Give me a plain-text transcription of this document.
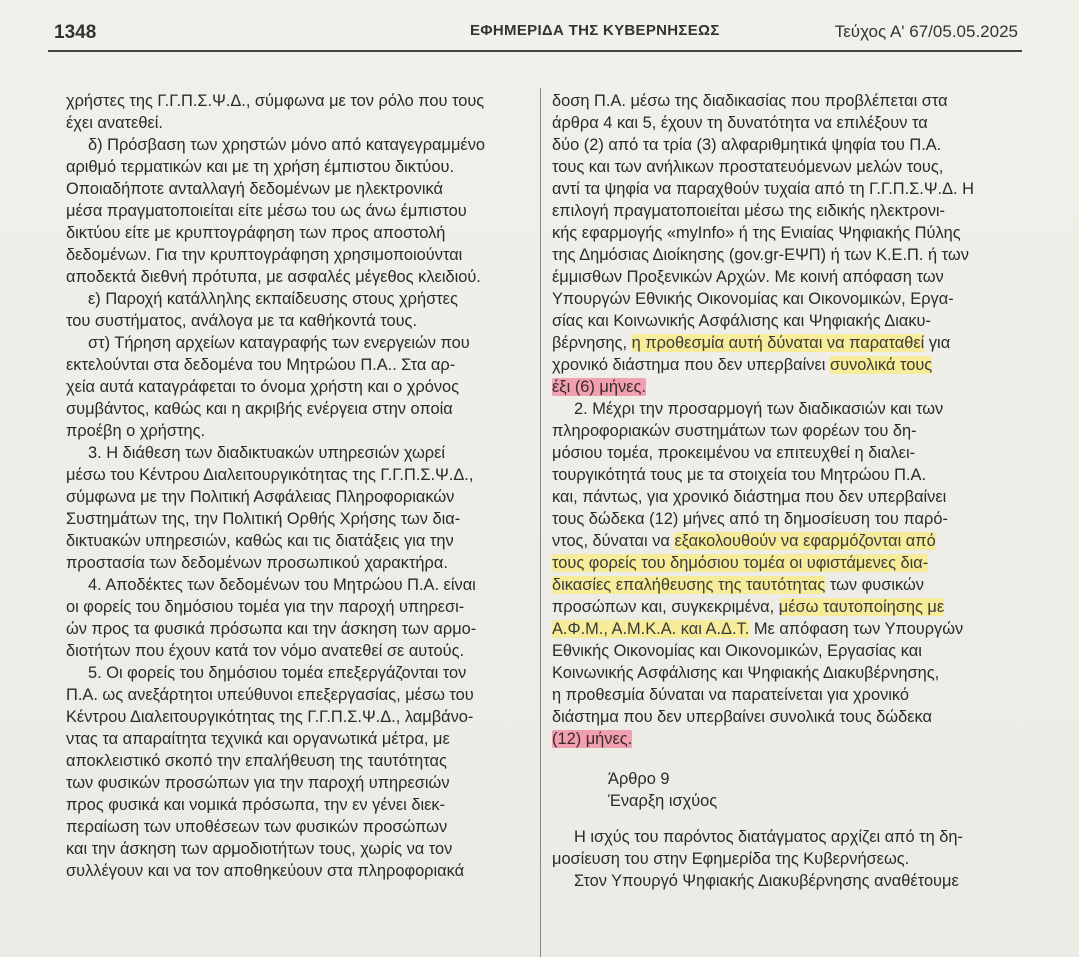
1348	ΕΦΗΜΕΡΙΔΑ ΤΗΣ ΚΥΒΕΡΝΗΣΕΩΣ	Τεύχος Α' 67/05.05.2025
χρήστες της Γ.Γ.Π.Σ.Ψ.Δ., σύμφωνα με τον ρόλο που τους
έχει ανατεθεί.
δ) Πρόσβαση των χρηστών μόνο από καταγεγραμμένο
αριθμό τερματικών και με τη χρήση έμπιστου δικτύου.
Οποιαδήποτε ανταλλαγή δεδομένων με ηλεκτρονικά
μέσα πραγματοποιείται είτε μέσω του ως άνω έμπιστου
δικτύου είτε με κρυπτογράφηση των προς αποστολή
δεδομένων. Για την κρυπτογράφηση χρησιμοποιούνται
αποδεκτά διεθνή πρότυπα, με ασφαλές μέγεθος κλειδιού.
ε) Παροχή κατάλληλης εκπαίδευσης στους χρήστες
του συστήματος, ανάλογα με τα καθήκοντά τους.
στ) Τήρηση αρχείων καταγραφής των ενεργειών που
εκτελούνται στα δεδομένα του Μητρώου Π.Α.. Στα αρ-
χεία αυτά καταγράφεται το όνομα χρήστη και ο χρόνος
συμβάντος, καθώς και η ακριβής ενέργεια στην οποία
προέβη ο χρήστης.
3. Η διάθεση των διαδικτυακών υπηρεσιών χωρεί
μέσω του Κέντρου Διαλειτουργικότητας της Γ.Γ.Π.Σ.Ψ.Δ.,
σύμφωνα με την Πολιτική Ασφάλειας Πληροφοριακών
Συστημάτων της, την Πολιτική Ορθής Χρήσης των δια-
δικτυακών υπηρεσιών, καθώς και τις διατάξεις για την
προστασία των δεδομένων προσωπικού χαρακτήρα.
4. Αποδέκτες των δεδομένων του Μητρώου Π.Α. είναι
οι φορείς του δημόσιου τομέα για την παροχή υπηρεσι-
ών προς τα φυσικά πρόσωπα και την άσκηση των αρμο-
διοτήτων που έχουν κατά τον νόμο ανατεθεί σε αυτούς.
5. Οι φορείς του δημόσιου τομέα επεξεργάζονται τον
Π.Α. ως ανεξάρτητοι υπεύθυνοι επεξεργασίας, μέσω του
Κέντρου Διαλειτουργικότητας της Γ.Γ.Π.Σ.Ψ.Δ., λαμβάνο-
ντας τα απαραίτητα τεχνικά και οργανωτικά μέτρα, με
αποκλειστικό σκοπό την επαλήθευση της ταυτότητας
των φυσικών προσώπων για την παροχή υπηρεσιών
προς φυσικά και νομικά πρόσωπα, την εν γένει διεκ-
περαίωση των υποθέσεων των φυσικών προσώπων
και την άσκηση των αρμοδιοτήτων τους, χωρίς να τον
συλλέγουν και να τον αποθηκεύουν στα πληροφοριακά
δοση Π.Α. μέσω της διαδικασίας που προβλέπεται στα
άρθρα 4 και 5, έχουν τη δυνατότητα να επιλέξουν τα
δύο (2) από τα τρία (3) αλφαριθμητικά ψηφία του Π.Α.
τους και των ανήλικων προστατευόμενων μελών τους,
αντί τα ψηφία να παραχθούν τυχαία από τη Γ.Γ.Π.Σ.Ψ.Δ. Η
επιλογή πραγματοποιείται μέσω της ειδικής ηλεκτρονι-
κής εφαρμογής «myInfo» ή της Ενιαίας Ψηφιακής Πύλης
της Δημόσιας Διοίκησης (gov.gr-ΕΨΠ) ή των Κ.Ε.Π. ή των
έμμισθων Προξενικών Αρχών. Με κοινή απόφαση των
Υπουργών Εθνικής Οικονομίας και Οικονομικών, Εργα-
σίας και Κοινωνικής Ασφάλισης και Ψηφιακής Διακυ-
βέρνησης, η προθεσμία αυτή δύναται να παραταθεί για
χρονικό διάστημα που δεν υπερβαίνει συνολικά τους
έξι (6) μήνες.
2. Μέχρι την προσαρμογή των διαδικασιών και των
πληροφοριακών συστημάτων των φορέων του δη-
μόσιου τομέα, προκειμένου να επιτευχθεί η διαλει-
τουργικότητά τους με τα στοιχεία του Μητρώου Π.Α.
και, πάντως, για χρονικό διάστημα που δεν υπερβαίνει
τους δώδεκα (12) μήνες από τη δημοσίευση του παρό-
ντος, δύναται να εξακολουθούν να εφαρμόζονται από
τους φορείς του δημόσιου τομέα οι υφιστάμενες δια-
δικασίες επαλήθευσης της ταυτότητας των φυσικών
προσώπων και, συγκεκριμένα, μέσω ταυτοποίησης με
Α.Φ.Μ., Α.Μ.Κ.Α. και Α.Δ.Τ. Με απόφαση των Υπουργών
Εθνικής Οικονομίας και Οικονομικών, Εργασίας και
Κοινωνικής Ασφάλισης και Ψηφιακής Διακυβέρνησης,
η προθεσμία δύναται να παρατείνεται για χρονικό
διάστημα που δεν υπερβαίνει συνολικά τους δώδεκα
(12) μήνες.
Άρθρο 9
Έναρξη ισχύος
Η ισχύς του παρόντος διατάγματος αρχίζει από τη δη-
μοσίευση του στην Εφημερίδα της Κυβερνήσεως.
Στον Υπουργό Ψηφιακής Διακυβέρνησης αναθέτουμε
